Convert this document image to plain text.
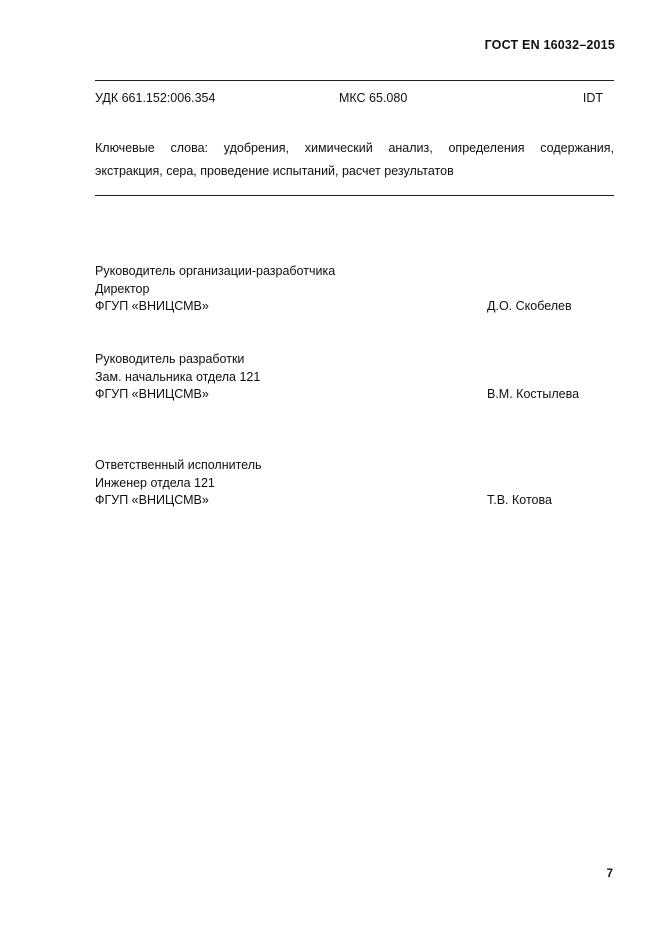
ГОСТ EN 16032–2015
УДК 661.152:006.354	МКС 65.080	IDT
Ключевые слова: удобрения, химический анализ, определения содержания,
экстракция, сера, проведение испытаний, расчет результатов
Руководитель организации-разработчика
Директор
ФГУП «ВНИЦСМВ»	Д.О. Скобелев
Руководитель разработки
Зам. начальника отдела 121
ФГУП «ВНИЦСМВ»	В.М. Костылева
Ответственный исполнитель
Инженер отдела 121
ФГУП «ВНИЦСМВ»	Т.В. Котова
7
